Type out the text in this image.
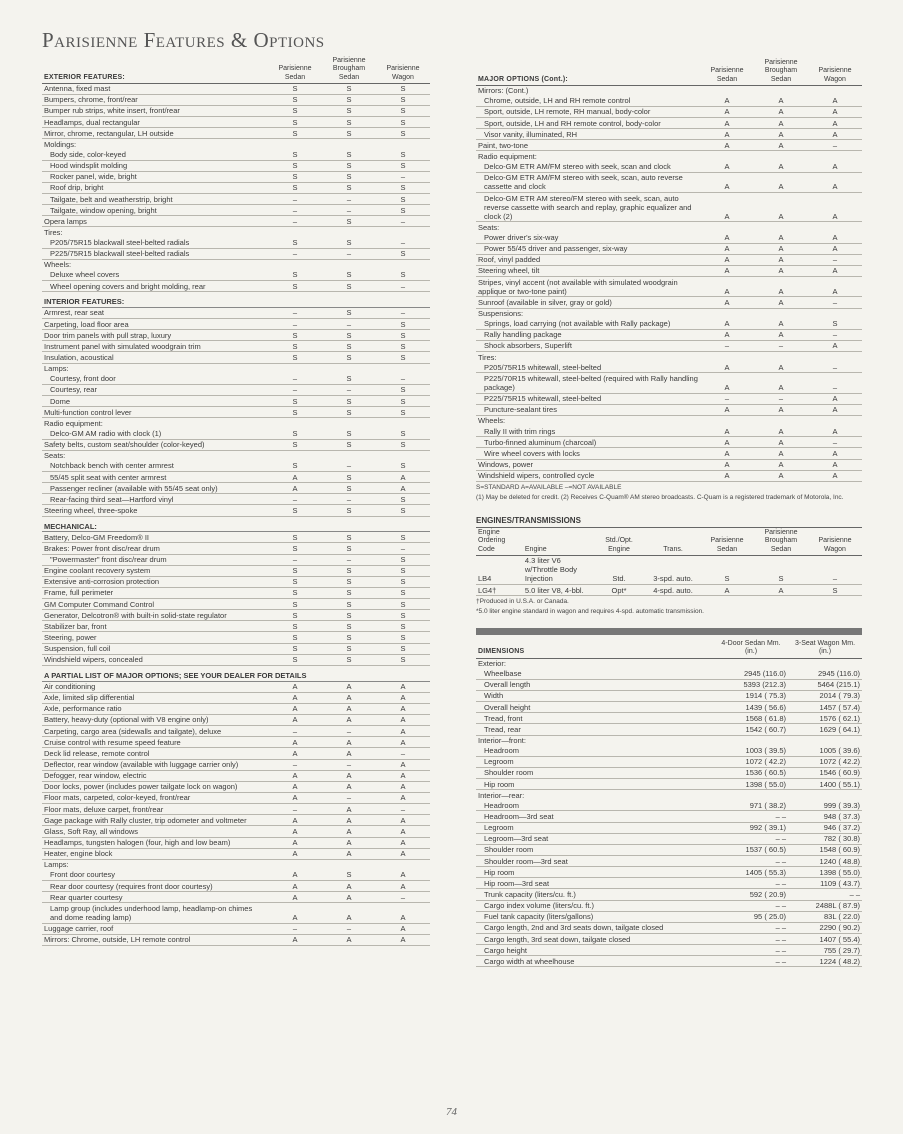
Parisienne Features & Options
EXTERIOR FEATURES:	Parisienne Sedan	Parisienne Brougham Sedan	Parisienne Wagon
Antenna, fixed mast	S	S	S
Bumpers, chrome, front/rear	S	S	S
Bumper rub strips, white insert, front/rear	S	S	S
Headlamps, dual rectangular	S	S	S
Mirror, chrome, rectangular, LH outside	S	S	S
Moldings:			
Body side, color-keyed	S	S	S
Hood windsplit molding	S	S	S
Rocker panel, wide, bright	S	S	–
Roof drip, bright	S	S	S
Tailgate, belt and weatherstrip, bright	–	–	S
Tailgate, window opening, bright	–	–	S
Opera lamps	–	S	–
Tires:			
P205/75R15 blackwall steel-belted radials	S	S	–
P225/75R15 blackwall steel-belted radials	–	–	S
Wheels:			
Deluxe wheel covers	S	S	S
Wheel opening covers and bright molding, rear	S	S	–
INTERIOR FEATURES:			
Armrest, rear seat	–	S	–
Carpeting, load floor area	–	–	S
Door trim panels with pull strap, luxury	S	S	S
Instrument panel with simulated woodgrain trim	S	S	S
Insulation, acoustical	S	S	S
Lamps:			
Courtesy, front door	–	S	–
Courtesy, rear	–	–	S
Dome	S	S	S
Multi-function control lever	S	S	S
Radio equipment:			
Delco-GM AM radio with clock (1)	S	S	S
Safety belts, custom seat/shoulder (color-keyed)	S	S	S
Seats:			
Notchback bench with center armrest	S	–	S
55/45 split seat with center armrest	A	S	A
Passenger recliner (available with 55/45 seat only)	A	S	A
Rear-facing third seat—Hartford vinyl	–	–	S
Steering wheel, three-spoke	S	S	S
MECHANICAL:			
Battery, Delco-GM Freedom® II	S	S	S
Brakes: Power front disc/rear drum	S	S	–
"Powermaster" front disc/rear drum	–	–	S
Engine coolant recovery system	S	S	S
Extensive anti-corrosion protection	S	S	S
Frame, full perimeter	S	S	S
GM Computer Command Control	S	S	S
Generator, Delcotron® with built-in solid-state regulator	S	S	S
Stabilizer bar, front	S	S	S
Steering, power	S	S	S
Suspension, full coil	S	S	S
Windshield wipers, concealed	S	S	S
A PARTIAL LIST OF MAJOR OPTIONS; SEE YOUR DEALER FOR DETAILS			
Air conditioning	A	A	A
Axle, limited slip differential	A	A	A
Axle, performance ratio	A	A	A
Battery, heavy-duty (optional with V8 engine only)	A	A	A
Carpeting, cargo area (sidewalls and tailgate), deluxe	–	–	A
Cruise control with resume speed feature	A	A	A
Deck lid release, remote control	A	A	–
Deflector, rear window (available with luggage carrier only)	–	–	A
Defogger, rear window, electric	A	A	A
Door locks, power (includes power tailgate lock on wagon)	A	A	A
Floor mats, carpeted, color-keyed, front/rear	A	–	A
Floor mats, deluxe carpet, front/rear	–	A	–
Gage package with Rally cluster, trip odometer and voltmeter	A	A	A
Glass, Soft Ray, all windows	A	A	A
Headlamps, tungsten halogen (four, high and low beam)	A	A	A
Heater, engine block	A	A	A
Lamps:			
Front door courtesy	A	S	A
Rear door courtesy (requires front door courtesy)	A	A	A
Rear quarter courtesy	A	A	–
Lamp group (includes underhood lamp, headlamp-on chimes and dome reading lamp)	A	A	A
Luggage carrier, roof	–	–	A
Mirrors: Chrome, outside, LH remote control	A	A	A
MAJOR OPTIONS (Cont.):	Parisienne Sedan	Parisienne Brougham Sedan	Parisienne Wagon
Mirrors: (Cont.)			
Chrome, outside, LH and RH remote control	A	A	A
Sport, outside, LH remote, RH manual, body-color	A	A	A
Sport, outside, LH and RH remote control, body-color	A	A	A
Visor vanity, illuminated, RH	A	A	A
Paint, two-tone	A	A	–
Radio equipment:			
Delco-GM ETR AM/FM stereo with seek, scan and clock	A	A	A
Delco-GM ETR AM/FM stereo with seek, scan, auto reverse cassette and clock	A	A	A
Delco-GM ETR AM stereo/FM stereo with seek, scan, auto reverse cassette with search and replay, graphic equalizer and clock (2)	A	A	A
Seats:			
Power driver's six-way	A	A	A
Power 55/45 driver and passenger, six-way	A	A	A
Roof, vinyl padded	A	A	–
Steering wheel, tilt	A	A	A
Stripes, vinyl accent (not available with simulated woodgrain applique or two-tone paint)	A	A	A
Sunroof (available in silver, gray or gold)	A	A	–
Suspensions:			
Springs, load carrying (not available with Rally package)	A	A	S
Rally handling package	A	A	–
Shock absorbers, Superlift	–	–	A
Tires:			
P205/75R15 whitewall, steel-belted	A	A	–
P225/70R15 whitewall, steel-belted (required with Rally handling package)	A	A	–
P225/75R15 whitewall, steel-belted	–	–	A
Puncture-sealant tires	A	A	A
Wheels:			
Rally II with trim rings	A	A	A
Turbo-finned aluminum (charcoal)	A	A	–
Wire wheel covers with locks	A	A	A
Windows, power	A	A	A
Windshield wipers, controlled cycle	A	A	A
S=STANDARD A=AVAILABLE –=NOT AVAILABLE
(1) May be deleted for credit. (2) Receives C-Quam® AM stereo broadcasts. C-Quam is a registered trademark of Motorola, Inc.
ENGINES/TRANSMISSIONS
Engine Ordering Code	Engine	Std./Opt. Engine	Trans.	Parisienne Sedan	Parisienne Brougham Sedan	Parisienne Wagon
LB4	4.3 liter V6 w/Throttle Body Injection	Std.	3-spd. auto.	S	S	–
LG4†	5.0 liter V8, 4-bbl.	Opt*	4-spd. auto.	A	A	S
†Produced in U.S.A. or Canada.
*5.0 liter engine standard in wagon and requires 4-spd. automatic transmission.
DIMENSIONS	4-Door Sedan Mm. (in.)	3-Seat Wagon Mm. (in.)
Exterior:		
Wheelbase	2945 (116.0)	2945 (116.0)
Overall length	5393 (212.3)	5464 (215.1)
Width	1914 ( 75.3)	2014 ( 79.3)
Overall height	1439 ( 56.6)	1457 ( 57.4)
Tread, front	1568 ( 61.8)	1576 ( 62.1)
Tread, rear	1542 ( 60.7)	1629 ( 64.1)
Interior—front:		
Headroom	1003 ( 39.5)	1005 ( 39.6)
Legroom	1072 ( 42.2)	1072 ( 42.2)
Shoulder room	1536 ( 60.5)	1546 ( 60.9)
Hip room	1398 ( 55.0)	1400 ( 55.1)
Interior—rear:		
Headroom	971 ( 38.2)	999 ( 39.3)
Headroom—3rd seat	– –	948 ( 37.3)
Legroom	992 ( 39.1)	946 ( 37.2)
Legroom—3rd seat	– –	782 ( 30.8)
Shoulder room	1537 ( 60.5)	1548 ( 60.9)
Shoulder room—3rd seat	– –	1240 ( 48.8)
Hip room	1405 ( 55.3)	1398 ( 55.0)
Hip room—3rd seat	– –	1109 ( 43.7)
Trunk capacity (liters/cu. ft.)	592 ( 20.9)	– –
Cargo index volume (liters/cu. ft.)	– –	2488L ( 87.9)
Fuel tank capacity (liters/gallons)	95 ( 25.0)	83L ( 22.0)
Cargo length, 2nd and 3rd seats down, tailgate closed	– –	2290 ( 90.2)
Cargo length, 3rd seat down, tailgate closed	– –	1407 ( 55.4)
Cargo height	– –	755 ( 29.7)
Cargo width at wheelhouse	– –	1224 ( 48.2)
74
